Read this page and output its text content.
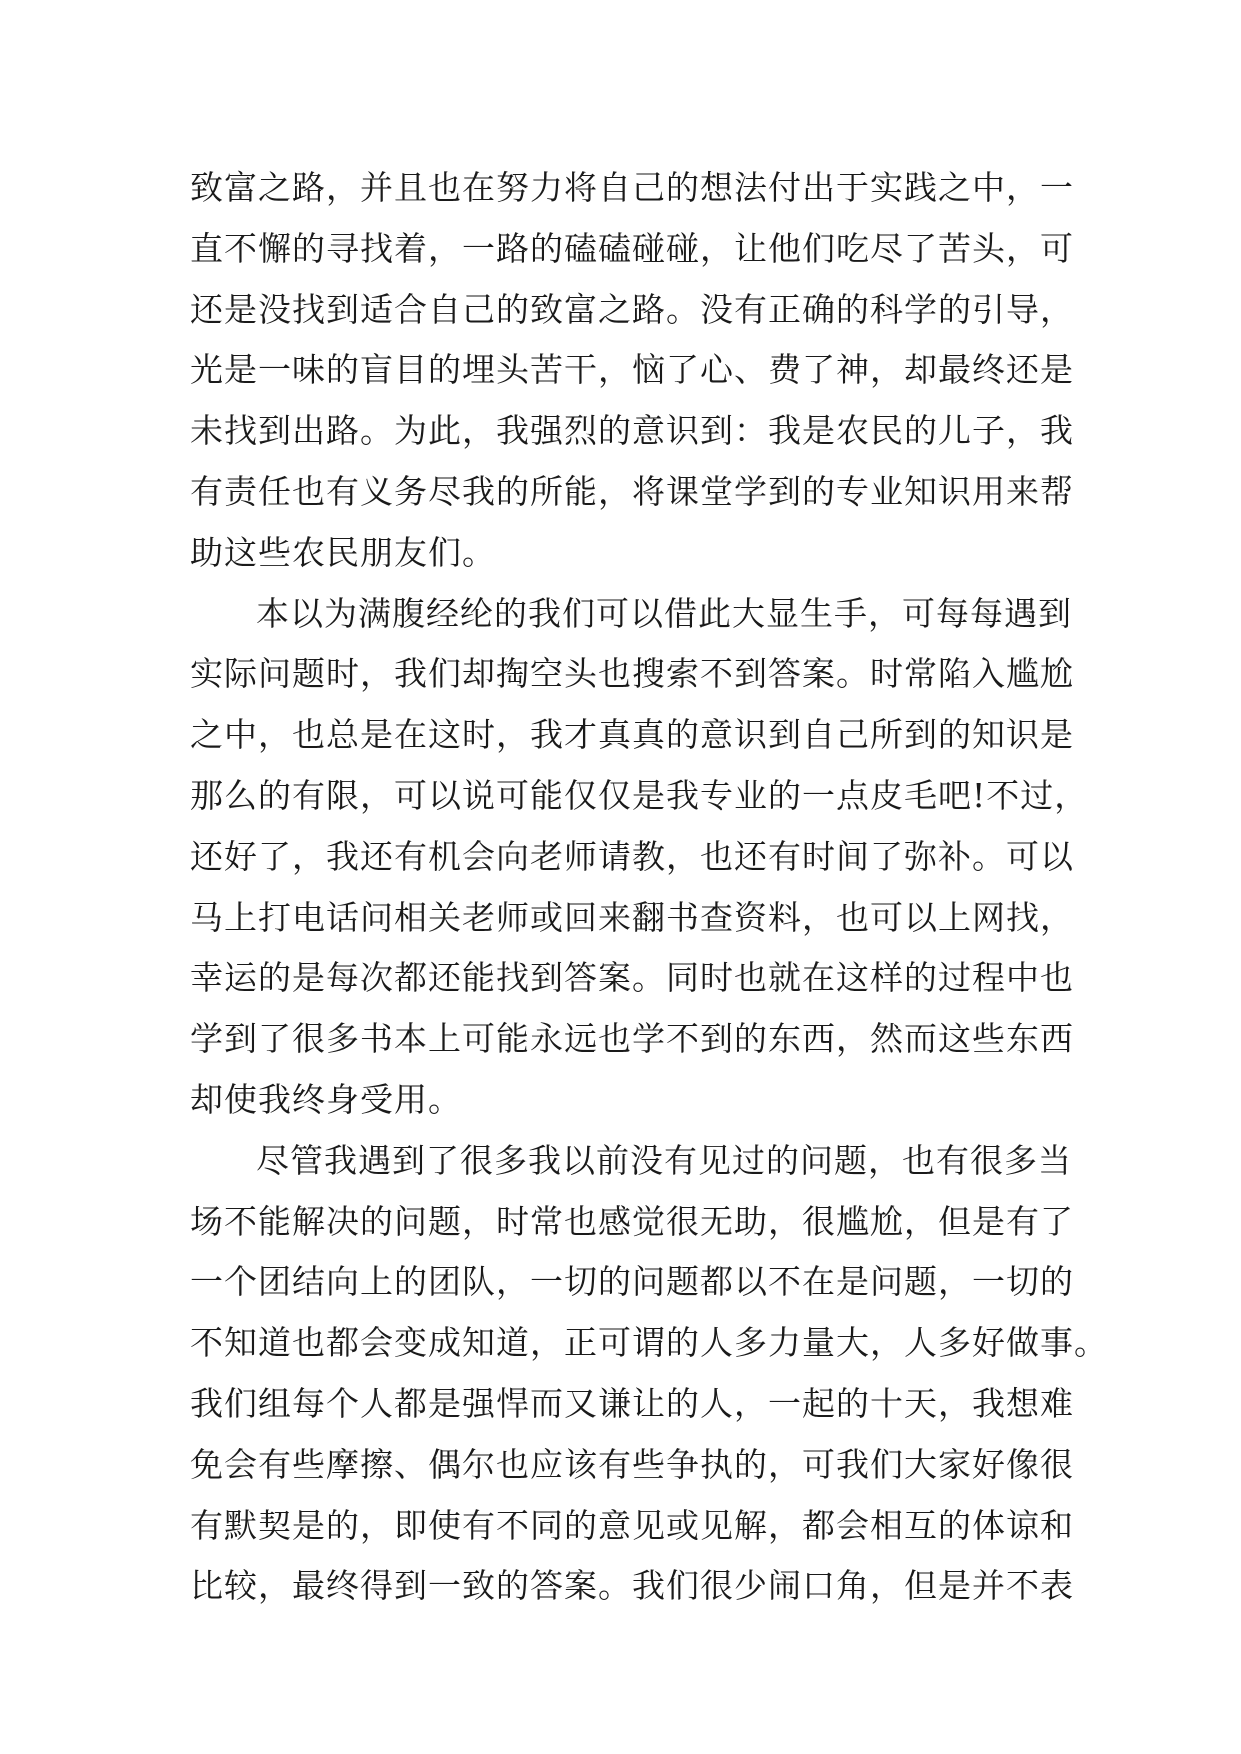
致富之路，并且也在努力将自己的想法付出于实践之中，一
直不懈的寻找着，一路的磕磕碰碰，让他们吃尽了苦头，可
还是没找到适合自己的致富之路。没有正确的科学的引导，
光是一味的盲目的埋头苦干，恼了心、费了神，却最终还是
未找到出路。为此，我强烈的意识到：我是农民的儿子，我
有责任也有义务尽我的所能，将课堂学到的专业知识用来帮
助这些农民朋友们。
本以为满腹经纶的我们可以借此大显生手，可每每遇到
实际问题时，我们却掏空头也搜索不到答案。时常陷入尴尬
之中，也总是在这时，我才真真的意识到自己所到的知识是
那么的有限，可以说可能仅仅是我专业的一点皮毛吧!不过，
还好了，我还有机会向老师请教，也还有时间了弥补。可以
马上打电话问相关老师或回来翻书查资料，也可以上网找，
幸运的是每次都还能找到答案。同时也就在这样的过程中也
学到了很多书本上可能永远也学不到的东西，然而这些东西
却使我终身受用。
尽管我遇到了很多我以前没有见过的问题，也有很多当
场不能解决的问题，时常也感觉很无助，很尴尬，但是有了
一个团结向上的团队，一切的问题都以不在是问题，一切的
不知道也都会变成知道，正可谓的人多力量大，人多好做事。
我们组每个人都是强悍而又谦让的人，一起的十天，我想难
免会有些摩擦、偶尔也应该有些争执的，可我们大家好像很
有默契是的，即使有不同的意见或见解，都会相互的体谅和
比较，最终得到一致的答案。我们很少闹口角，但是并不表
